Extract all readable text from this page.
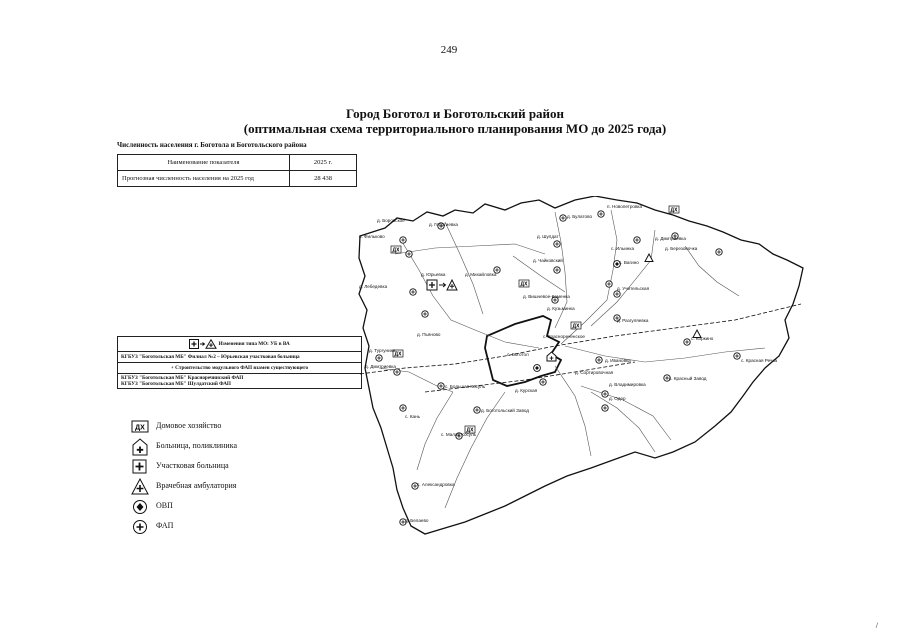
249
Город Боготол и Боготольский район
(оптимальная схема территориального планирования МО до 2025 года)
Численность населения г. Боготола и Боготольского района
Наименование показателя	2025 г.
Прогнозная численность населения на 2025 год	28 438
Изменения типа МО: УБ в ВА
КГБУЗ "Боготольская МБ" Филиал №2 – Юрьевская участковая больница
+ Строительство модульного ФАП взамен существующего
КГБУЗ "Боготольская МБ" Красноречинский ФАП
КГБУЗ "Боготольская МБ" Шулдатский ФАП
ДХ Домовое хозяйство
Больница, поликлиника
Участковая больница
Врачебная амбулатория
ОВП
ФАП
ДХ
ДХ
ДХ
ДХ
ДХ
ДХ
п. Новопетровка
д. Булатово
д. Боровское
д. Георгиевка
п. Фильково	д. Шулдат	д. Дмитриевка
с. Ильинка	д. Березовочка
с. Вагино
д. Юрьевка	д. Михайловка
д. Лебедевка
д. Чайковский
д. Вишневое-Каменка
д. Кузьминка
д. Разгуляевка
д. Учительская
д. Тургуниха
д. Пьяново	с. Краснореченское
с. Боготол
д. Дмитриевка
с. Коркино
д. Сортировочная
д. Ивановка
д. Владимировка
с. Красная Речка
д. Одер
с. Красный Завод
с. Большая Косуль
д. Боготольский Завод
с. Малая Косуль
с. Александровка
д. Белаево
с. Кань
д. Курская
/
